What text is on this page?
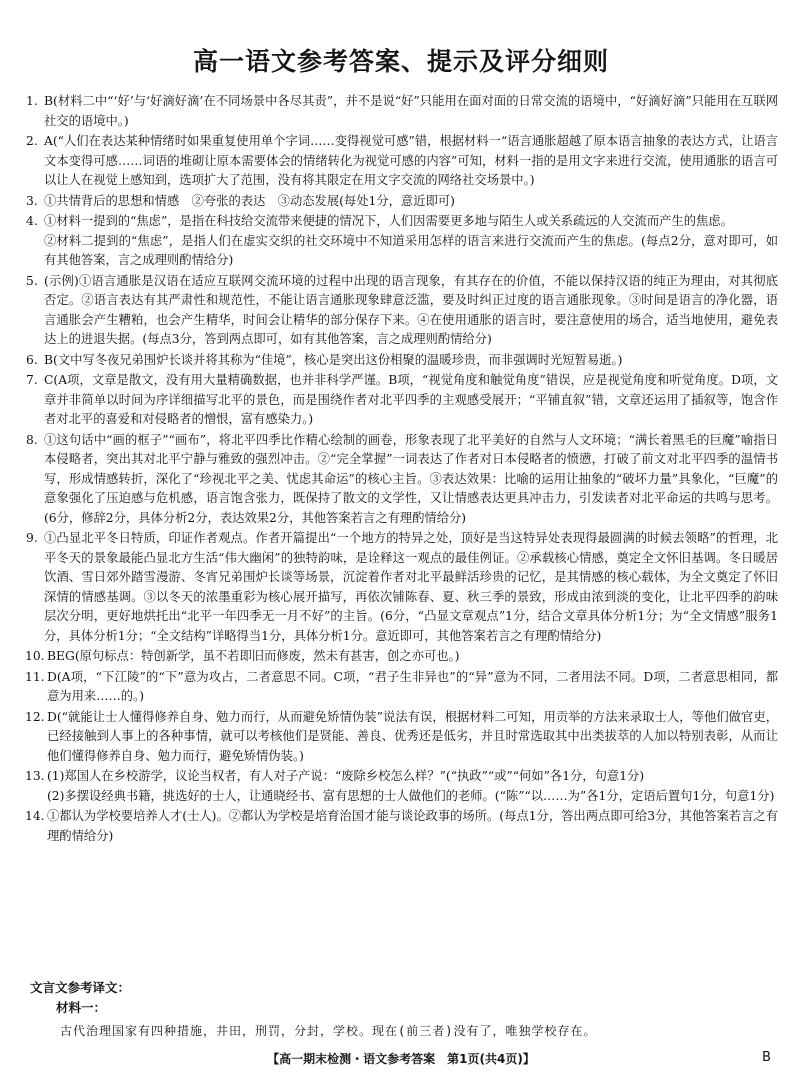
高一语文参考答案、提示及评分细则
1. B(材料二中“‘好’与‘好滴好滴’在不同场景中各尽其责”，并不是说“好”只能用在面对面的日常交流的语境中，“好滴好滴”只能用在互联网社交的语境中。)
2. A(“人们在表达某种情绪时如果重复使用单个字词……变得视觉可感”错，根据材料一“语言通胀超越了原本语言抽象的表达方式，让语言文本变得可感……词语的堆砌让原本需要体会的情绪转化为视觉可感的内容”可知，材料一指的是用文字来进行交流，使用通胀的语言可以让人在视觉上感知到，选项扩大了范围，没有将其限定在用文字交流的网络社交场景中。)
3. ①共情背后的思想和情感　②夸张的表达　③动态发展(每处1分，意近即可)
4. ①材料一提到的“焦虑”，是指在科技给交流带来便捷的情况下，人们因需要更多地与陌生人或关系疏远的人交流而产生的焦虑。
②材料二提到的“焦虑”，是指人们在虚实交织的社交环境中不知道采用怎样的语言来进行交流而产生的焦虑。(每点2分，意对即可，如有其他答案，言之成理则酌情给分)
5. (示例)①语言通胀是汉语在适应互联网交流环境的过程中出现的语言现象，有其存在的价值，不能以保持汉语的纯正为理由，对其彻底否定。②语言表达有其严肃性和规范性，不能让语言通胀现象肆意泛滥，要及时纠正过度的语言通胀现象。③时间是语言的净化器，语言通胀会产生糟粕，也会产生精华，时间会让精华的部分保存下来。④在使用通胀的语言时，要注意使用的场合，适当地使用，避免表达上的进退失据。(每点3分，答到两点即可，如有其他答案，言之成理则酌情给分)
6. B(文中写冬夜兄弟围炉长谈并将其称为“佳境”，核心是突出这份相聚的温暖珍贵，而非强调时光短暂易逝。)
7. C(A项，文章是散文，没有用大量精确数据，也并非科学严谨。B项，“视觉角度和触觉角度”错误，应是视觉角度和听觉角度。D项，文章并非简单以时间为序详细描写北平的景色，而是围绕作者对北平四季的主观感受展开；“平铺直叙”错，文章还运用了插叙等，饱含作者对北平的喜爱和对侵略者的憎恨，富有感染力。)
8. ①这句话中“画的框子”“画布”，将北平四季比作精心绘制的画卷，形象表现了北平美好的自然与人文环境；“满长着黑毛的巨魔”喻指日本侵略者，突出其对北平宁静与雅致的强烈冲击。②“完全掌握”一词表达了作者对日本侵略者的愤懑，打破了前文对北平四季的温情书写，形成情感转折，深化了“珍视北平之美、忧虑其命运”的核心主旨。③表达效果：比喻的运用让抽象的“破坏力量”具象化，“巨魔”的意象强化了压迫感与危机感，语言饱含张力，既保持了散文的文学性，又让情感表达更具冲击力，引发读者对北平命运的共鸣与思考。(6分，修辞2分，具体分析2分，表达效果2分，其他答案若言之有理酌情给分)
9. ①凸显北平冬日特质，印证作者观点。作者开篇提出“一个地方的特异之处，顶好是当这特异处表现得最圆满的时候去领略”的哲理，北平冬天的景象最能凸显北方生活“伟大幽闲”的独特韵味，是诠释这一观点的最佳例证。②承载核心情感，奠定全文怀旧基调。冬日暖居饮酒、雪日郊外踏雪漫游、冬宵兄弟围炉长谈等场景，沉淀着作者对北平最鲜活珍贵的记忆，是其情感的核心载体，为全文奠定了怀旧深情的情感基调。③以冬天的浓墨重彩为核心展开描写，再依次铺陈春、夏、秋三季的景致，形成由浓到淡的变化，让北平四季的韵味层次分明，更好地烘托出“北平一年四季无一月不好”的主旨。(6分，“凸显文章观点”1分，结合文章具体分析1分；为“全文情感”服务1分，具体分析1分；“全文结构”详略得当1分，具体分析1分。意近即可，其他答案若言之有理酌情给分)
10. BEG(原句标点：特创新学，虽不若即旧而修废，然未有甚害，创之亦可也。)
11. D(A项，“下江陵”的“下”意为攻占，二者意思不同。C项，“君子生非异也”的“异”意为不同，二者用法不同。D项，二者意思相同，都意为用来……的。)
12. D(“就能让士人懂得修养自身、勉力而行，从而避免矫情伪装”说法有误，根据材料二可知，用贡举的方法来录取士人，等他们做官吏，已经接触到人事上的各种事情，就可以考核他们是贤能、善良、优秀还是低劣，并且时常选取其中出类拔萃的人加以特别表彰，从而让他们懂得修养自身、勉力而行，避免矫情伪装。)
13. (1)郑国人在乡校游学，议论当权者，有人对子产说：“废除乡校怎么样？”(“执政”“或”“何如”各1分，句意1分)
(2)多摆设经典书籍，挑选好的士人，让通晓经书、富有思想的士人做他们的老师。(“陈”“以……为”各1分，定语后置句1分，句意1分)
14. ①都认为学校要培养人才(士人)。②都认为学校是培育治国才能与谈论政事的场所。(每点1分，答出两点即可给3分，其他答案若言之有理酌情给分)
文言文参考译文：
材料一：
古代治理国家有四种措施，井田，刑罚，分封，学校。现在(前三者)没有了，唯独学校存在。
【高一期末检测・语文参考答案　第1页(共4页)】	B
